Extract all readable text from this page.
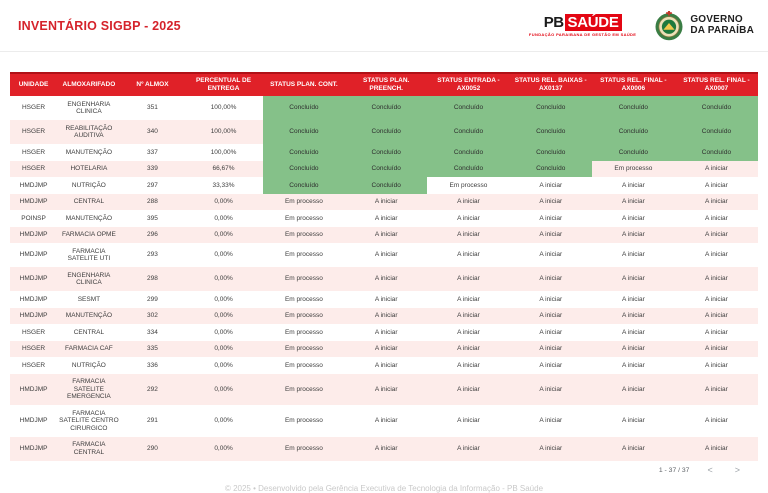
INVENTÁRIO SIGBP - 2025	PB SAÚDE
FUNDAÇÃO PARAIBANA DE GESTÃO EM SAÚDE
GOVERNO
DA PARAÍBA
UNIDADE	ALMOXARIFADO	Nº ALMOX	PERCENTUAL DE ENTREGA	STATUS PLAN. CONT.	STATUS PLAN. PREENCH.	STATUS ENTRADA - AX0052	STATUS REL. BAIXAS - AX0137	STATUS REL. FINAL - AX0006	STATUS REL. FINAL - AX0007
HSGER	ENGENHARIA CLINICA	351	100,00%	Concluído	Concluído	Concluído	Concluído	Concluído	Concluído
HSGER	REABILITAÇÃO AUDITIVA	340	100,00%	Concluído	Concluído	Concluído	Concluído	Concluído	Concluído
HSGER	MANUTENÇÃO	337	100,00%	Concluído	Concluído	Concluído	Concluído	Concluído	Concluído
HSGER	HOTELARIA	339	66,67%	Concluído	Concluído	Concluído	Concluído	Em processo	A iniciar
HMDJMP	NUTRIÇÃO	297	33,33%	Concluído	Concluído	Em processo	A iniciar	A iniciar	A iniciar
HMDJMP	CENTRAL	288	0,00%	Em processo	A iniciar	A iniciar	A iniciar	A iniciar	A iniciar
POINSP	MANUTENÇÃO	395	0,00%	Em processo	A iniciar	A iniciar	A iniciar	A iniciar	A iniciar
HMDJMP	FARMACIA OPME	296	0,00%	Em processo	A iniciar	A iniciar	A iniciar	A iniciar	A iniciar
HMDJMP	FARMACIA SATELITE UTI	293	0,00%	Em processo	A iniciar	A iniciar	A iniciar	A iniciar	A iniciar
HMDJMP	ENGENHARIA CLINICA	298	0,00%	Em processo	A iniciar	A iniciar	A iniciar	A iniciar	A iniciar
HMDJMP	SESMT	299	0,00%	Em processo	A iniciar	A iniciar	A iniciar	A iniciar	A iniciar
HMDJMP	MANUTENÇÃO	302	0,00%	Em processo	A iniciar	A iniciar	A iniciar	A iniciar	A iniciar
HSGER	CENTRAL	334	0,00%	Em processo	A iniciar	A iniciar	A iniciar	A iniciar	A iniciar
HSGER	FARMACIA CAF	335	0,00%	Em processo	A iniciar	A iniciar	A iniciar	A iniciar	A iniciar
HSGER	NUTRIÇÃO	336	0,00%	Em processo	A iniciar	A iniciar	A iniciar	A iniciar	A iniciar
HMDJMP	FARMACIA SATELITE EMERGENCIA	292	0,00%	Em processo	A iniciar	A iniciar	A iniciar	A iniciar	A iniciar
HMDJMP	FARMACIA SATELITE CENTRO CIRURGICO	291	0,00%	Em processo	A iniciar	A iniciar	A iniciar	A iniciar	A iniciar
HMDJMP	FARMACIA CENTRAL	290	0,00%	Em processo	A iniciar	A iniciar	A iniciar	A iniciar	A iniciar
1 - 37 / 37	<	>
© 2025 • Desenvolvido pela Gerência Executiva de Tecnologia da Informação - PB Saúde
